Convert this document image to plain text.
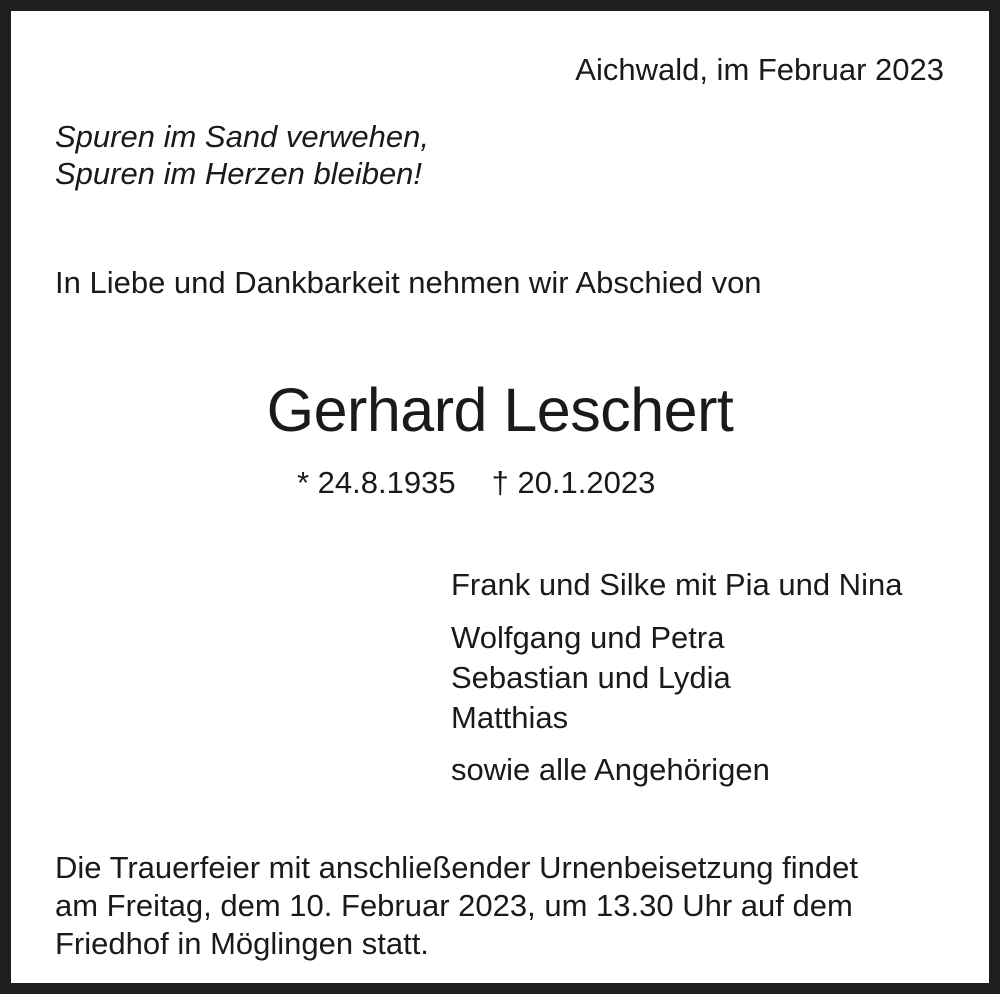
Aichwald, im Februar 2023
Spuren im Sand verwehen,
Spuren im Herzen bleiben!
In Liebe und Dankbarkeit nehmen wir Abschied von
Gerhard Leschert
* 24.8.1935 † 20.1.2023
Frank und Silke mit Pia und Nina
Wolfgang und Petra
Sebastian und Lydia
Matthias
sowie alle Angehörigen
Die Trauerfeier mit anschließender Urnenbeisetzung findet
am Freitag, dem 10. Februar 2023, um 13.30 Uhr auf dem
Friedhof in Möglingen statt.
